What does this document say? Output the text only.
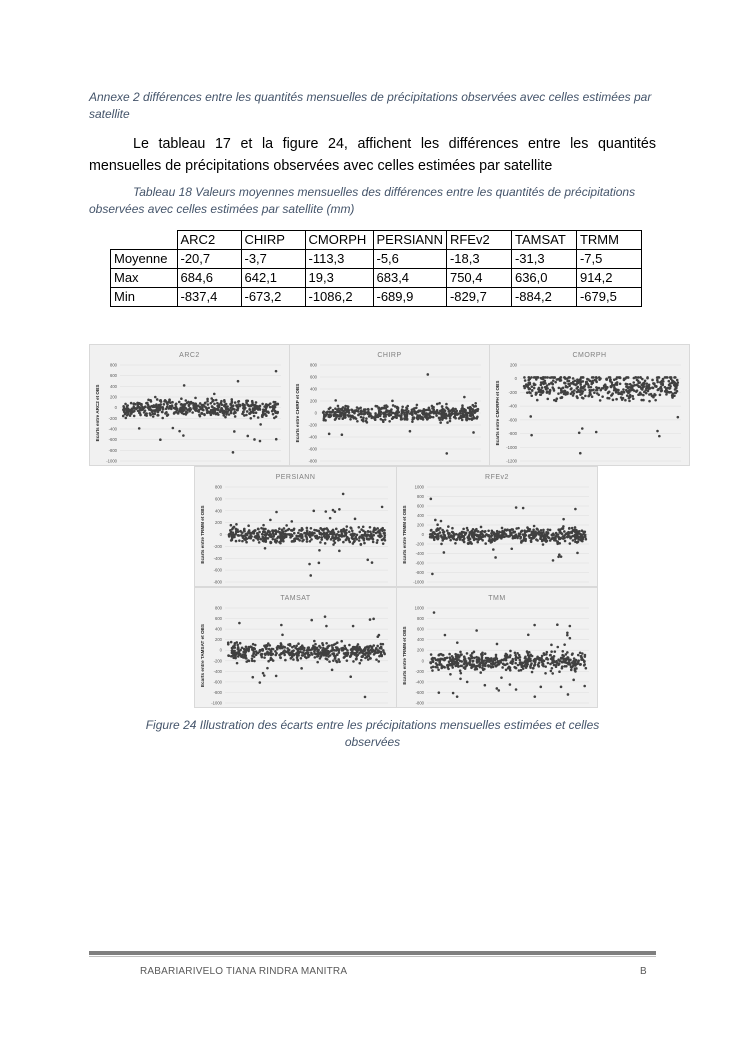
Annexe 2 différences entre les quantités mensuelles de précipitations observées avec celles estimées par satellite
Le tableau 17 et la figure 24, affichent les différences entre les quantités mensuelles de précipitations observées avec celles estimées par satellite
Tableau 18 Valeurs moyennes mensuelles des différences entre les quantités de précipitations observées avec celles estimées par satellite (mm)
	ARC2	CHIRP	CMORPH	PERSIANN	RFEv2	TAMSAT	TRMM
Moyenne	-20,7	-3,7	-113,3	-5,6	-18,3	-31,3	-7,5
Max	684,6	642,1	19,3	683,4	750,4	636,0	914,2
Min	-837,4	-673,2	-1086,2	-689,9	-829,7	-884,2	-679,5
ARC2
Ecarts entre ARC2 et OBS
800
600
400
200
0
-200
-400
-600
-800
-1000
CHIRP
Ecarts entre CHIRP et OBS
800
600
400
200
0
-200
-400
-600
-800
CMORPH
Ecarts entre CMORPH et OBS
200
0
-200
-400
-600
-800
-1000
-1200
PERSIANN
Ecarts entre TRMM et OBS
800
600
400
200
0
-200
-400
-600
-800
RFEv2
Ecarts entre TRMM et OBS
1000
800
600
400
200
0
-200
-400
-600
-800
-1000
TAMSAT
Ecarts entre TAMSAT et OBS
800
600
400
200
0
-200
-400
-600
-800
-1000
TMM
Ecarts entre TRMM et OBS
1000
800
600
400
200
0
-200
-400
-600
-800
Figure 24 Illustration des écarts entre les précipitations mensuelles estimées et celles observées
RABARIARIVELO TIANA RINDRA MANITRA	B
